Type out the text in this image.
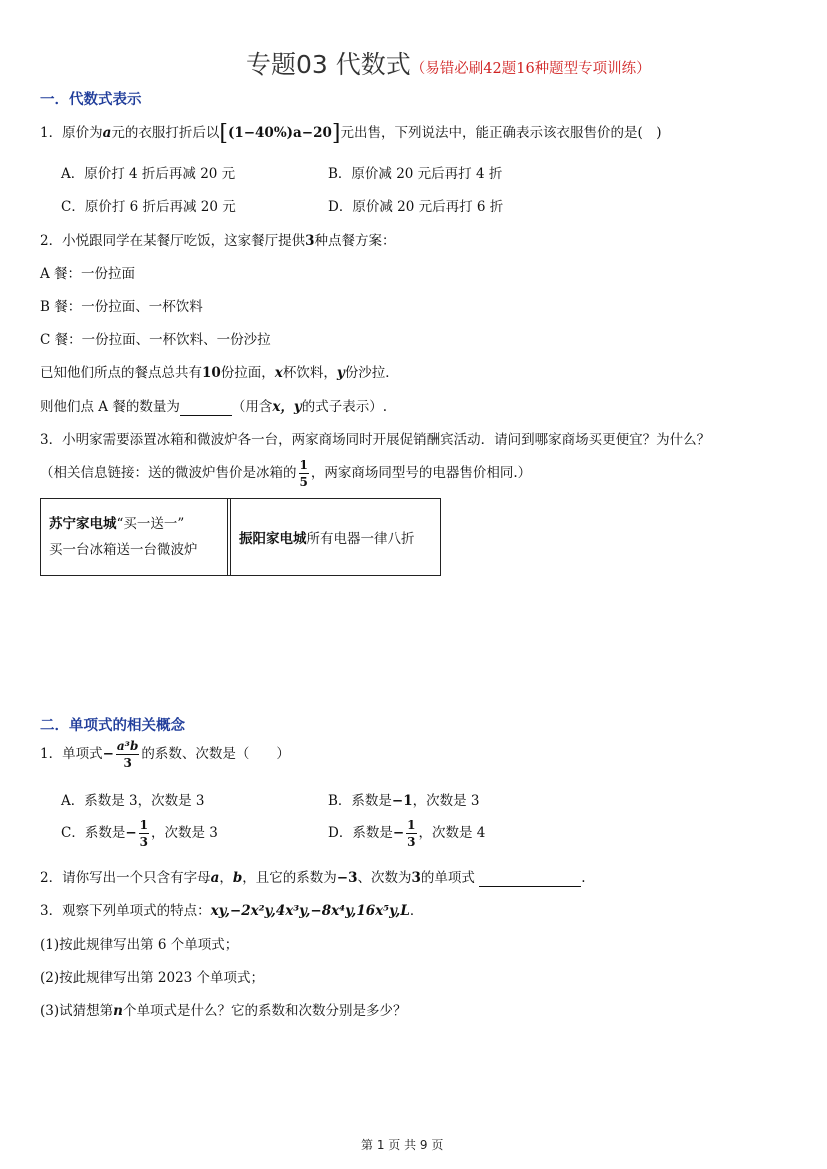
专题03 代数式（易错必刷42题16种题型专项训练）
一．代数式表示
1．原价为a元的衣服打折后以[(1−40%)a−20]元出售，下列说法中，能正确表示该衣服售价的是(　)
A．原价打 4 折后再减 20 元	B．原价减 20 元后再打 4 折
C．原价打 6 折后再减 20 元	D．原价减 20 元后再打 6 折
2．小悦跟同学在某餐厅吃饭，这家餐厅提供3种点餐方案：
A 餐：一份拉面
B 餐：一份拉面、一杯饮料
C 餐：一份拉面、一杯饮料、一份沙拉
已知他们所点的餐点总共有10份拉面，x杯饮料，y份沙拉．
则他们点 A 餐的数量为	（用含x，y的式子表示）.
3．小明家需要添置冰箱和微波炉各一台，两家商场同时开展促销酬宾活动．请问到哪家商场买更便宜？为什么？
（相关信息链接：送的微波炉售价是冰箱的 $\frac{1}{5}$ ，两家商场同型号的电器售价相同.）
苏宁家电城“买一送一”
买一台冰箱送一台微波炉		振阳家电城所有电器一律八折
二．单项式的相关概念
1．单项式− $\frac{\text{a³b}}{3}$ 的系数、次数是（　　）
A．系数是 3，次数是 3	B．系数是−1，次数是 3
C．系数是− $\frac{1}{3}$ ，次数是 3	D．系数是− $\frac{1}{3}$ ，次数是 4
2．请你写出一个只含有字母a，b，且它的系数为−3、次数为3的单项式	.
3．观察下列单项式的特点：xy,−2x²y,4x³y,−8x⁴y,16x⁵y,L．
(1)按此规律写出第 6 个单项式；
(2)按此规律写出第 2023 个单项式；
(3)试猜想第n个单项式是什么？它的系数和次数分别是多少？
第 1 页 共 9 页
